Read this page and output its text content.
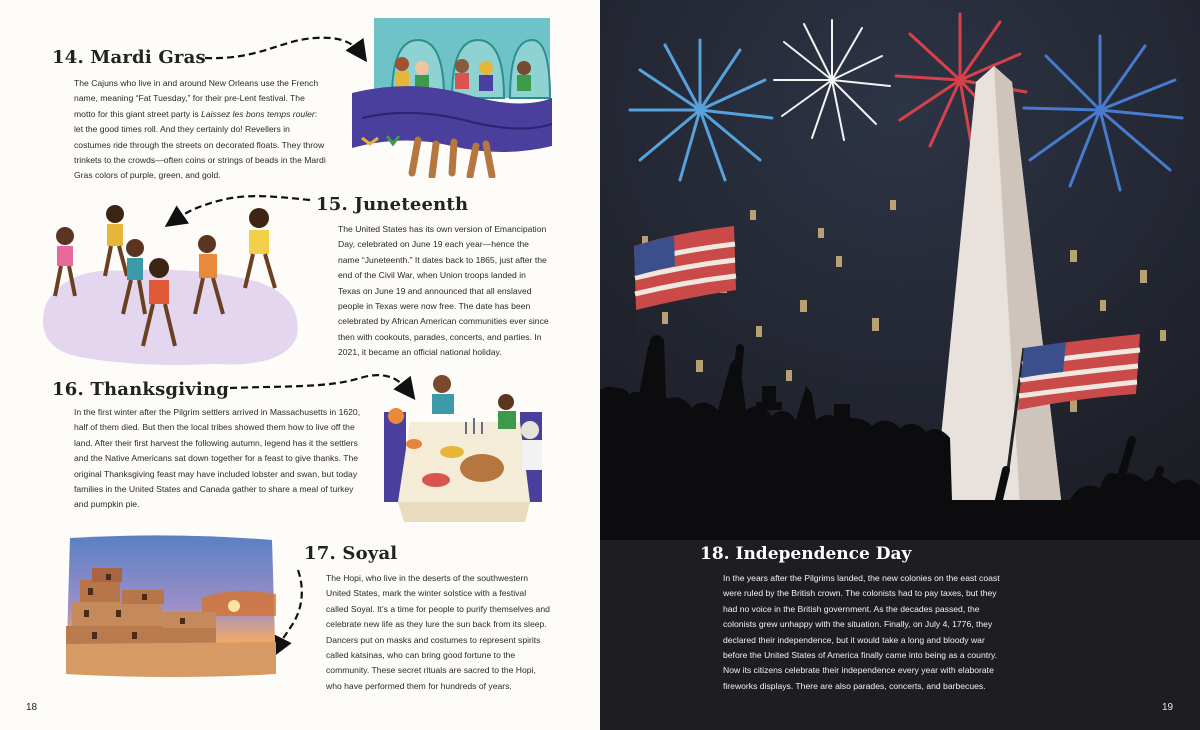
14. Mardi Gras
The Cajuns who live in and around New Orleans use the French name, meaning “Fat Tuesday,” for their pre-Lent festival. The motto for this giant street party is Laissez les bons temps rouler: let the good times roll. And they certainly do! Revellers in costumes ride through the streets on decorated floats. They throw trinkets to the crowds—often coins or strings of beads in the Mardi Gras colors of purple, green, and gold.
15. Juneteenth
The United States has its own version of Emancipation Day, celebrated on June 19 each year—hence the name “Juneteenth.” It dates back to 1865, just after the end of the Civil War, when Union troops landed in Texas on June 19 and announced that all enslaved people in Texas were now free. The date has been celebrated by African American communities ever since then with cookouts, parades, concerts, and parties. In 2021, it became an official national holiday.
16. Thanksgiving
In the first winter after the Pilgrim settlers arrived in Massachusetts in 1620, half of them died. But then the local tribes showed them how to live off the land. After their first harvest the following autumn, legend has it the settlers and the Native Americans sat down together for a feast to give thanks. The original Thanksgiving feast may have included lobster and swan, but today families in the United States and Canada gather to share a meal of turkey and pumpkin pie.
17. Soyal
The Hopi, who live in the deserts of the southwestern United States, mark the winter solstice with a festival called Soyal. It’s a time for people to purify themselves and celebrate new life as they lure the sun back from its sleep. Dancers put on masks and costumes to represent spirits called katsinas, who can bring good fortune to the community. These secret rituals are sacred to the Hopi, who have performed them for hundreds of years.
18
18. Independence Day
In the years after the Pilgrims landed, the new colonies on the east coast were ruled by the British crown. The colonists had to pay taxes, but they had no voice in the British government. As the decades passed, the colonists grew unhappy with the situation. Finally, on July 4, 1776, they declared their independence, but it would take a long and bloody war before the United States of America finally came into being as a country. Now its citizens celebrate their independence every year with elaborate fireworks displays. There are also parades, concerts, and barbecues.
19
